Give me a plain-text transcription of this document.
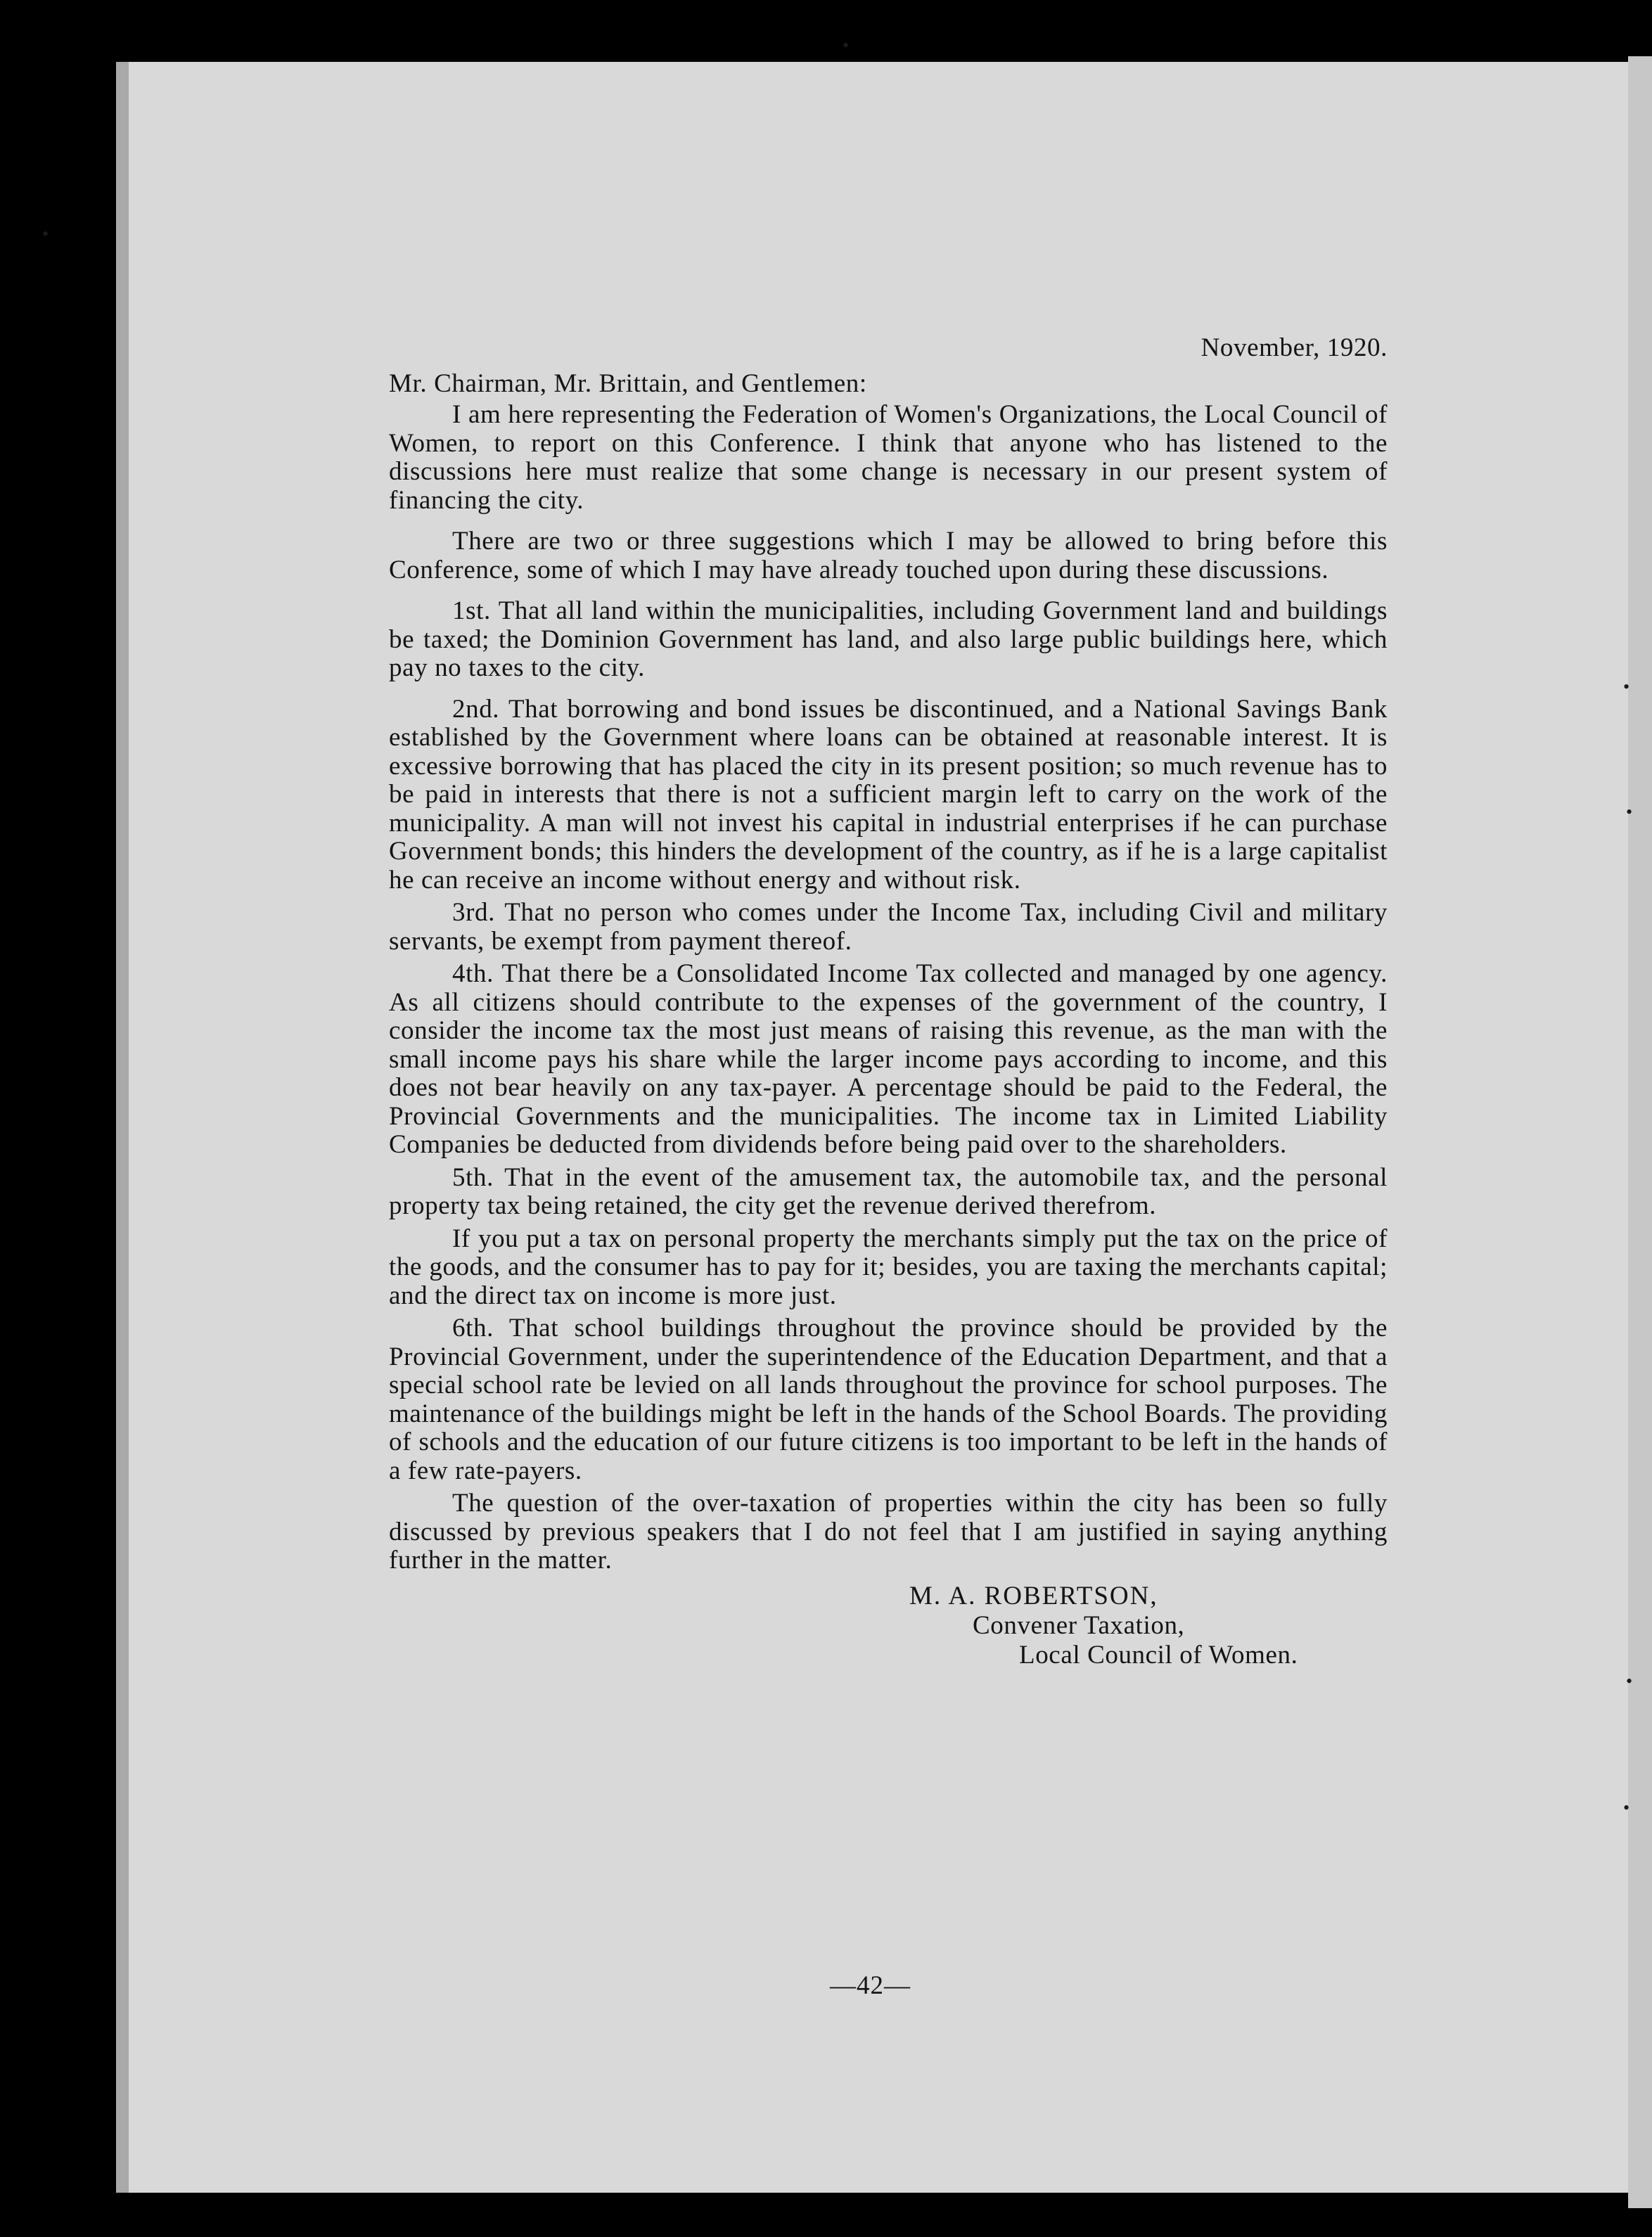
•
•
•
•
•
•

November, 1920.

Mr. Chairman, Mr. Brittain, and Gentlemen:

I am here representing the Federation of Women's Organizations, the Local Council of Women, to report on this Conference. I think that anyone who has listened to the discussions here must realize that some change is necessary in our present system of financing the city.

There are two or three suggestions which I may be allowed to bring before this Conference, some of which I may have already touched upon during these discussions.

1st. That all land within the municipalities, including Government land and buildings be taxed; the Dominion Government has land, and also large public buildings here, which pay no taxes to the city.

2nd. That borrowing and bond issues be discontinued, and a National Savings Bank established by the Government where loans can be obtained at reasonable interest. It is excessive borrowing that has placed the city in its present position; so much revenue has to be paid in interests that there is not a sufficient margin left to carry on the work of the municipality. A man will not invest his capital in industrial enterprises if he can purchase Government bonds; this hinders the development of the country, as if he is a large capitalist he can receive an income without energy and without risk.

3rd. That no person who comes under the Income Tax, including Civil and military servants, be exempt from payment thereof.

4th. That there be a Consolidated Income Tax collected and managed by one agency. As all citizens should contribute to the expenses of the government of the country, I consider the income tax the most just means of raising this revenue, as the man with the small income pays his share while the larger income pays according to income, and this does not bear heavily on any tax-payer. A percentage should be paid to the Federal, the Provincial Governments and the municipalities. The income tax in Limited Liability Companies be deducted from dividends before being paid over to the shareholders.

5th. That in the event of the amusement tax, the automobile tax, and the personal property tax being retained, the city get the revenue derived therefrom.

If you put a tax on personal property the merchants simply put the tax on the price of the goods, and the consumer has to pay for it; besides, you are taxing the merchants capital; and the direct tax on income is more just.

6th. That school buildings throughout the province should be provided by the Provincial Government, under the superintendence of the Education Department, and that a special school rate be levied on all lands throughout the province for school purposes. The maintenance of the buildings might be left in the hands of the School Boards. The providing of schools and the education of our future citizens is too important to be left in the hands of a few rate-payers.

The question of the over-taxation of properties within the city has been so fully discussed by previous speakers that I do not feel that I am justified in saying anything further in the matter.

M. A. ROBERTSON,
Convener Taxation,
Local Council of Women.
—42—
